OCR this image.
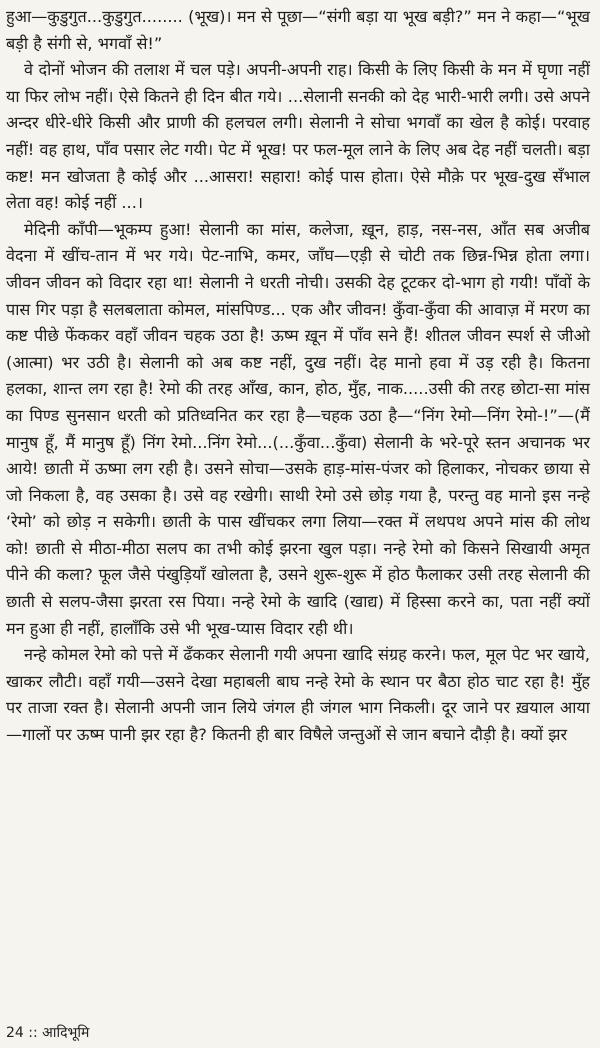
हुआ—कुडुगुत...कुडुगुत........ (भूख)। मन से पूछा—“संगी बड़ा या भूख बड़ी?” मन ने कहा—“भूख बड़ी है संगी से, भगवाँ से!”

वे दोनों भोजन की तलाश में चल पड़े। अपनी-अपनी राह। किसी के लिए किसी के मन में घृणा नहीं या फिर लोभ नहीं। ऐसे कितने ही दिन बीत गये। ...सेलानी सनकी को देह भारी-भारी लगी। उसे अपने अन्दर धीरे-धीरे किसी और प्राणी की हलचल लगी। सेलानी ने सोचा भगवाँ का खेल है कोई। परवाह नहीं! वह हाथ, पाँव पसार लेट गयी। पेट में भूख! पर फल-मूल लाने के लिए अब देह नहीं चलती। बड़ा कष्ट! मन खोजता है कोई और ...आसरा! सहारा! कोई पास होता। ऐसे मौक़े पर भूख-दुख सँभाल लेता वह! कोई नहीं ...।

मेदिनी काँपी—भूकम्प हुआ! सेलानी का मांस, कलेजा, ख़ून, हाड़, नस-नस, आँत सब अजीब वेदना में खींच-तान में भर गये। पेट-नाभि, कमर, जाँघ—एड़ी से चोटी तक छिन्न-भिन्न होता लगा। जीवन जीवन को विदार रहा था! सेलानी ने धरती नोची। उसकी देह टूटकर दो-भाग हो गयी! पाँवों के पास गिर पड़ा है सलबलाता कोमल, मांसपिण्ड... एक और जीवन! कुँवा-कुँवा की आवाज़ में मरण का कष्ट पीछे फेंककर वहाँ जीवन चहक उठा है! ऊष्म ख़ून में पाँव सने हैं! शीतल जीवन स्पर्श से जीओ (आत्मा) भर उठी है। सेलानी को अब कष्ट नहीं, दुख नहीं। देह मानो हवा में उड़ रही है। कितना हलका, शान्त लग रहा है! रेमो की तरह आँख, कान, होठ, मुँह, नाक.....उसी की तरह छोटा-सा मांस का पिण्ड सुनसान धरती को प्रतिध्वनित कर रहा है—चहक उठा है—“निंग रेमो—निंग रेमो-!”—(मैं मानुष हूँ, मैं मानुष हूँ) निंग रेमो...निंग रेमो...(...कुँवा...कुँवा) सेलानी के भरे-पूरे स्तन अचानक भर आये! छाती में ऊष्मा लग रही है। उसने सोचा—उसके हाड़-मांस-पंजर को हिलाकर, नोचकर छाया से जो निकला है, वह उसका है। उसे वह रखेगी। साथी रेमो उसे छोड़ गया है, परन्तु वह मानो इस नन्हे ‘रेमो’ को छोड़ न सकेगी। छाती के पास खींचकर लगा लिया—रक्त में लथपथ अपने मांस की लोथ को! छाती से मीठा-मीठा सलप का तभी कोई झरना खुल पड़ा। नन्हे रेमो को किसने सिखायी अमृत पीने की कला? फूल जैसे पंखुड़ियाँ खोलता है, उसने शुरू-शुरू में होठ फैलाकर उसी तरह सेलानी की छाती से सलप-जैसा झरता रस पिया। नन्हे रेमो के खादि (खाद्य) में हिस्सा करने का, पता नहीं क्यों मन हुआ ही नहीं, हालाँकि उसे भी भूख-प्यास विदार रही थी।

नन्हे कोमल रेमो को पत्ते में ढँककर सेलानी गयी अपना खादि संग्रह करने। फल, मूल पेट भर खाये, खाकर लौटी। वहाँ गयी—उसने देखा महाबली बाघ नन्हे रेमो के स्थान पर बैठा होठ चाट रहा है! मुँह पर ताजा रक्त है। सेलानी अपनी जान लिये जंगल ही जंगल भाग निकली। दूर जाने पर ख़याल आया—गालों पर ऊष्म पानी झर रहा है? कितनी ही बार विषैले जन्तुओं से जान बचाने दौड़ी है। क्यों झर

24 :: आदिभूमि
